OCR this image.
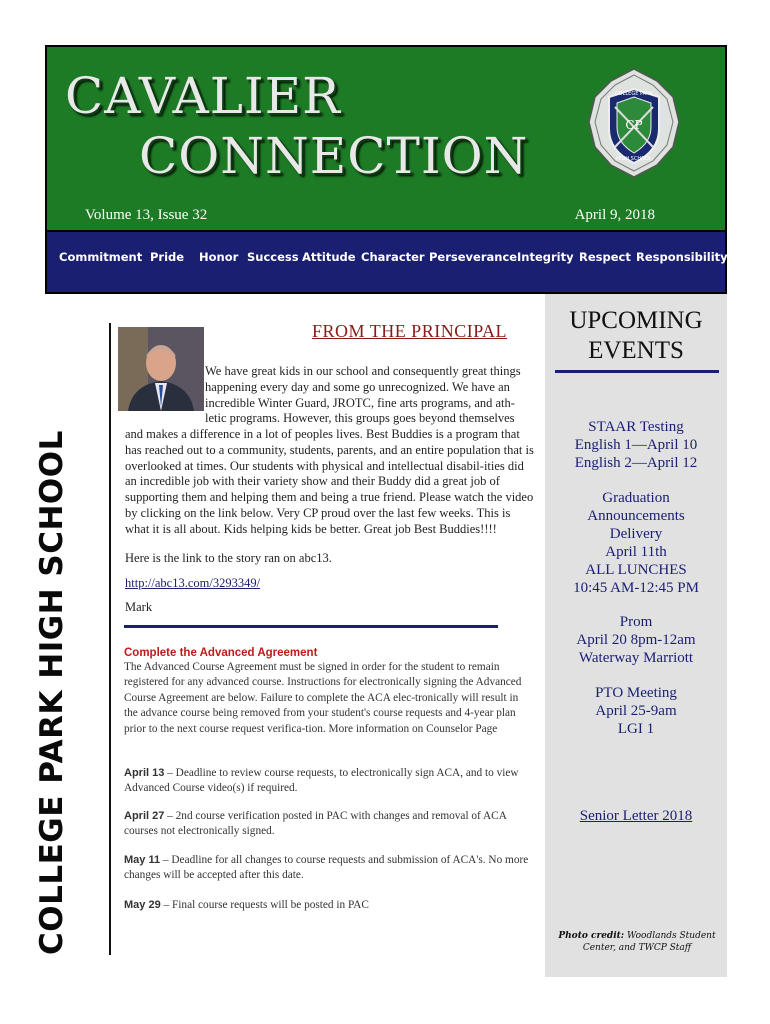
CAVALIER
CONNECTION
Volume 13, Issue 32	April 9, 2018
CP
COLLEGE PARK
HIGH SCHOOL
Commitment Pride Honor Success Attitude Character Perseverance Integrity Respect Responsibility
COLLEGE PARK HIGH SCHOOL
FROM THE PRINCIPAL
We have great kids in our school and consequently great things happening every day and some go unrecognized. We have an incredible Winter Guard, JROTC, fine arts programs, and ath-letic programs. However, this groups goes beyond themselves
and makes a difference in a lot of peoples lives. Best Buddies is a program that has reached out to a community, students, parents, and an entire population that is overlooked at times. Our students with physical and intellectual disabil-ities did an incredible job with their variety show and their Buddy did a great job of supporting them and helping them and being a true friend. Please watch the video by clicking on the link below. Very CP proud over the last few weeks. This is what it is all about. Kids helping kids be better. Great job Best Buddies!!!!
Here is the link to the story ran on abc13.
http://abc13.com/3293349/
Mark
Complete the Advanced Agreement
The Advanced Course Agreement must be signed in order for the student to remain registered for any advanced course. Instructions for electronically signing the Advanced Course Agreement are below. Failure to complete the ACA elec-tronically will result in the advance course being removed from your student's course requests and 4-year plan prior to the next course request verifica-tion. More information on Counselor Page
April 13 – Deadline to review course requests, to electronically sign ACA, and to view Advanced Course video(s) if required.
April 27 – 2nd course verification posted in PAC with changes and removal of ACA courses not electronically signed.
May 11 – Deadline for all changes to course requests and submission of ACA's. No more changes will be accepted after this date.
May 29 – Final course requests will be posted in PAC
UPCOMING EVENTS
STAAR Testing
English 1—April 10
English 2—April 12
Graduation Announcements Delivery
April 11th
ALL LUNCHES
10:45 AM-12:45 PM
Prom
April 20 8pm-12am
Waterway Marriott
PTO Meeting
April 25-9am
LGI 1
Senior Letter 2018
Photo credit: Woodlands Student Center, and TWCP Staff
